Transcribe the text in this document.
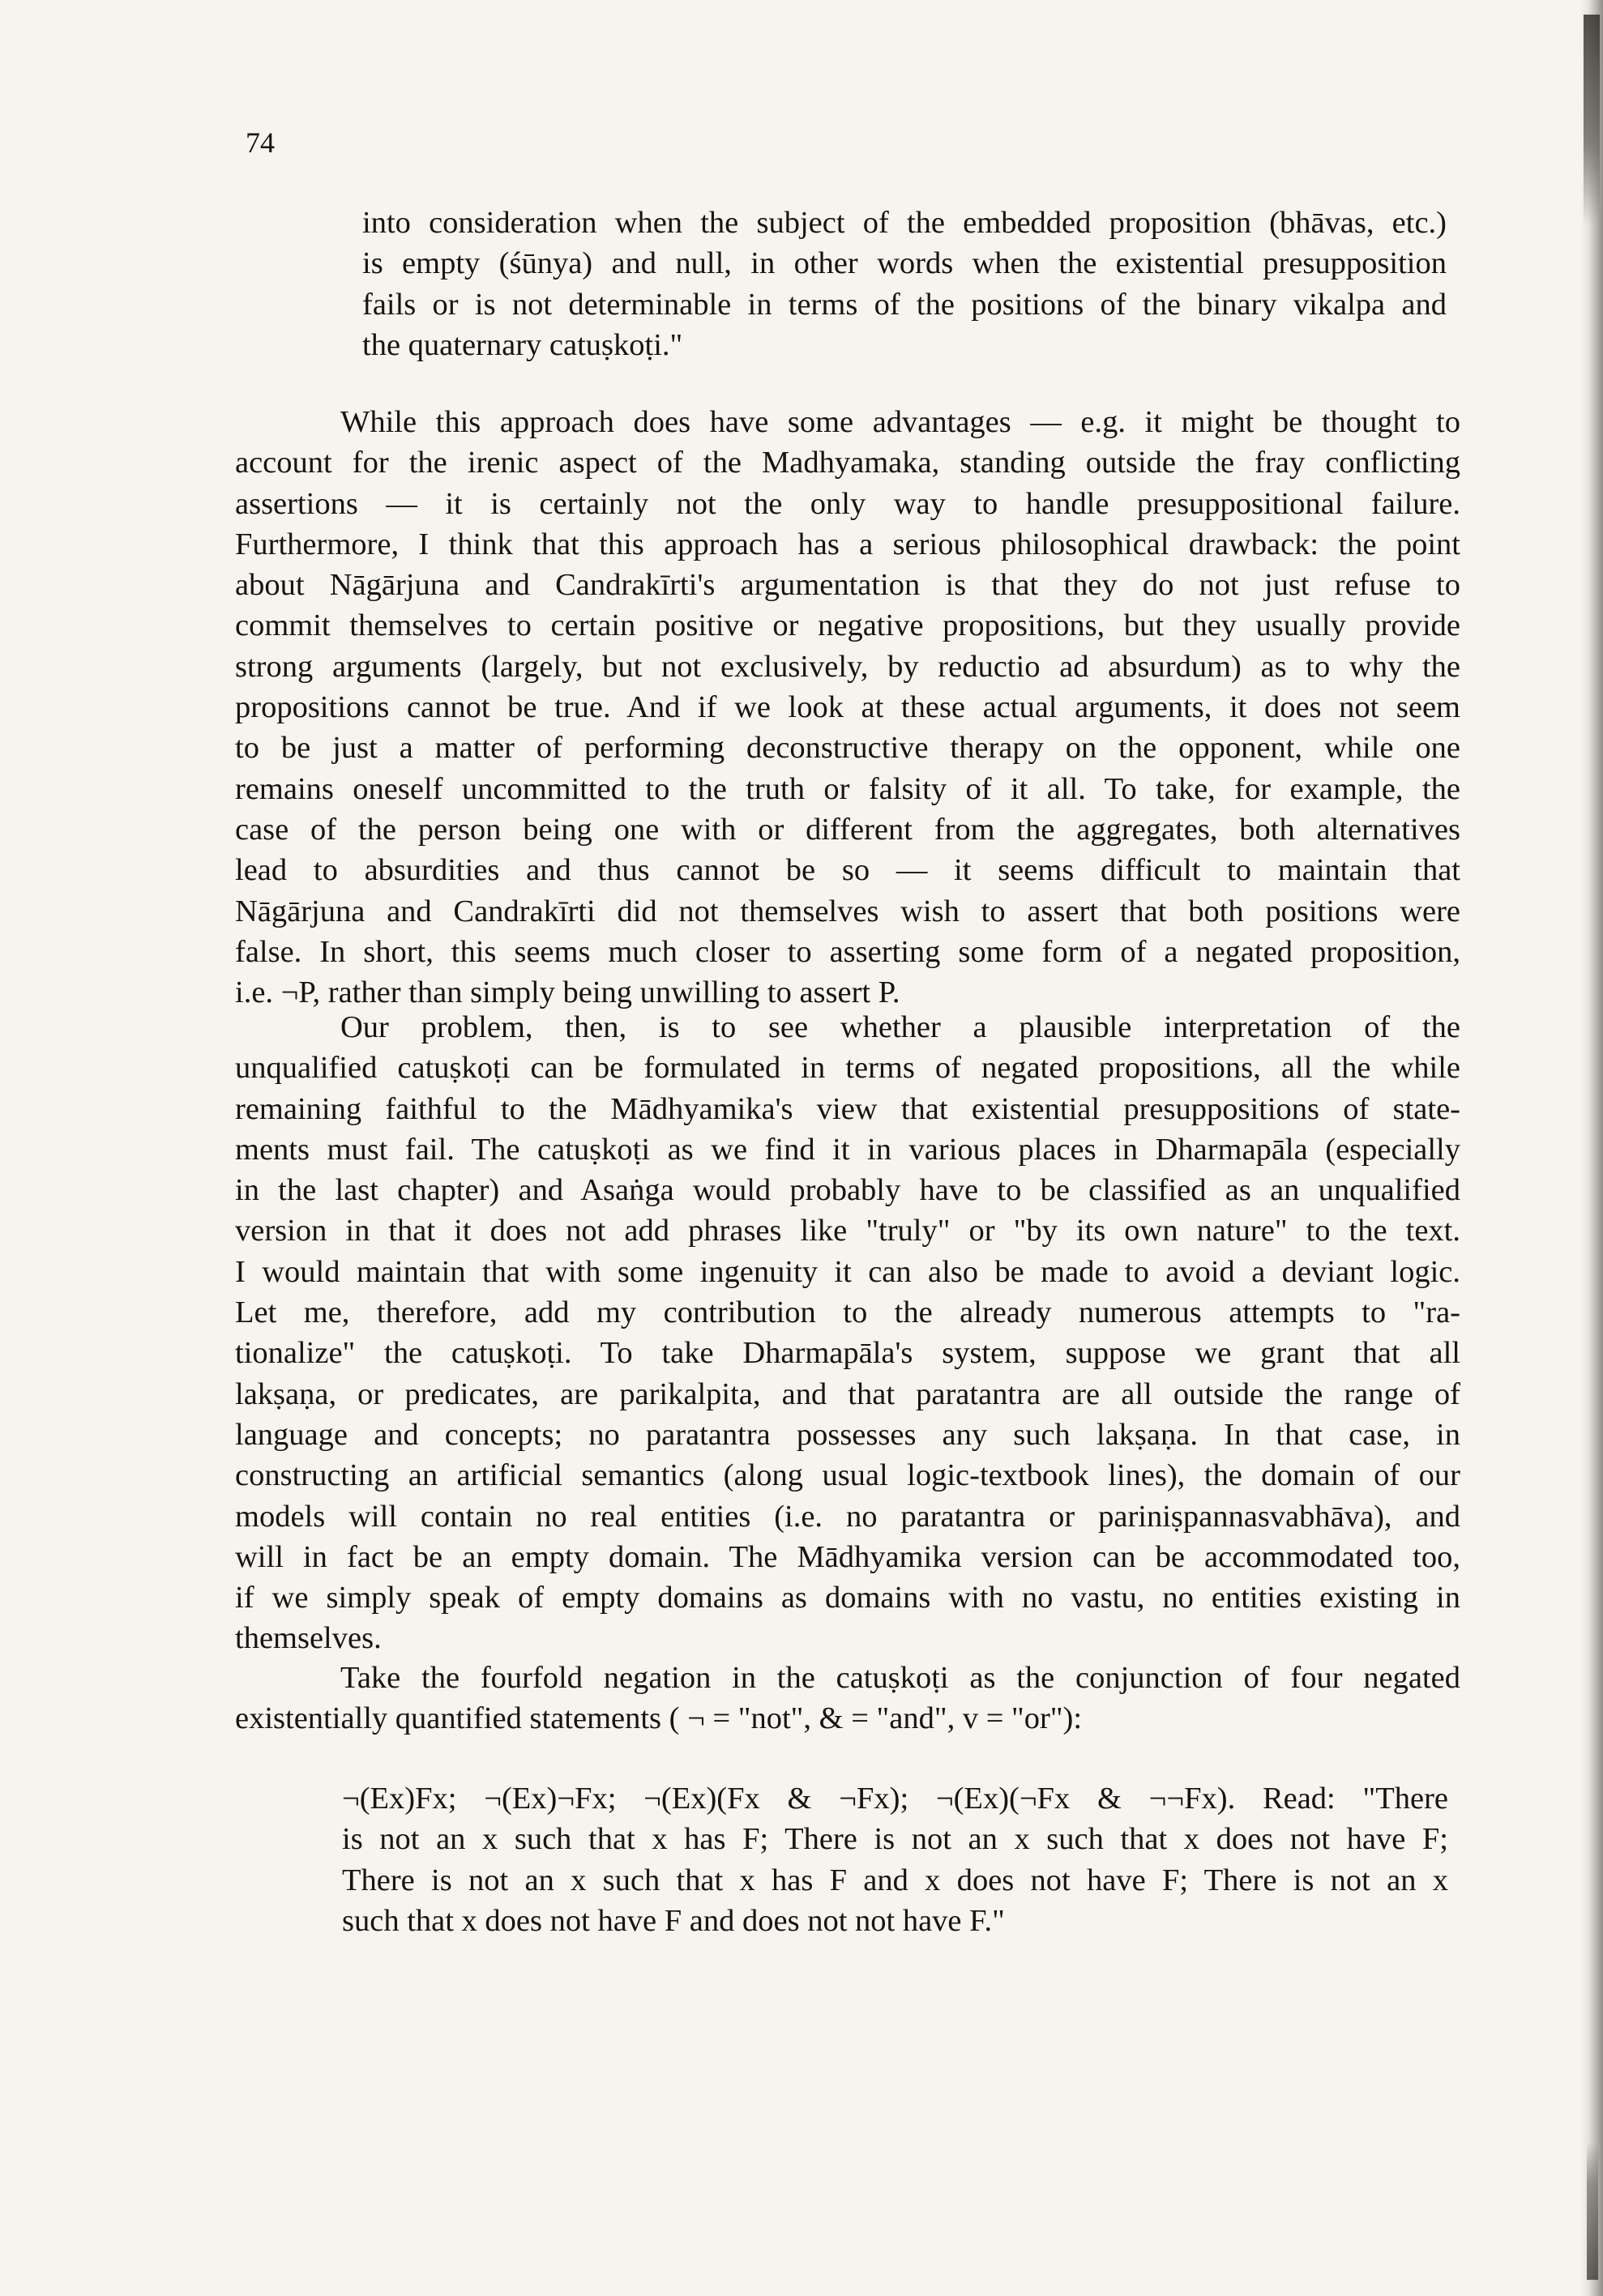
74
into consideration when the subject of the embedded proposition (bhāvas, etc.)
is empty (śūnya) and null, in other words when the existential presupposition
fails or is not determinable in terms of the positions of the binary vikalpa and
the quaternary catuṣkoṭi."
While this approach does have some advantages — e.g. it might be thought to
account for the irenic aspect of the Madhyamaka, standing outside the fray conflicting
assertions — it is certainly not the only way to handle presuppositional failure.
Furthermore, I think that this approach has a serious philosophical drawback: the point
about Nāgārjuna and Candrakīrti's argumentation is that they do not just refuse to
commit themselves to certain positive or negative propositions, but they usually provide
strong arguments (largely, but not exclusively, by reductio ad absurdum) as to why the
propositions cannot be true. And if we look at these actual arguments, it does not seem
to be just a matter of performing deconstructive therapy on the opponent, while one
remains oneself uncommitted to the truth or falsity of it all. To take, for example, the
case of the person being one with or different from the aggregates, both alternatives
lead to absurdities and thus cannot be so — it seems difficult to maintain that
Nāgārjuna and Candrakīrti did not themselves wish to assert that both positions were
false. In short, this seems much closer to asserting some form of a negated proposition,
i.e. ¬P, rather than simply being unwilling to assert P.
Our problem, then, is to see whether a plausible interpretation of the
unqualified catuṣkoṭi can be formulated in terms of negated propositions, all the while
remaining faithful to the Mādhyamika's view that existential presuppositions of state-
ments must fail. The catuṣkoṭi as we find it in various places in Dharmapāla (especially
in the last chapter) and Asaṅga would probably have to be classified as an unqualified
version in that it does not add phrases like "truly" or "by its own nature" to the text.
I would maintain that with some ingenuity it can also be made to avoid a deviant logic.
Let me, therefore, add my contribution to the already numerous attempts to "ra-
tionalize" the catuṣkoṭi. To take Dharmapāla's system, suppose we grant that all
lakṣaṇa, or predicates, are parikalpita, and that paratantra are all outside the range of
language and concepts; no paratantra possesses any such lakṣaṇa. In that case, in
constructing an artificial semantics (along usual logic-textbook lines), the domain of our
models will contain no real entities (i.e. no paratantra or pariniṣpannasvabhāva), and
will in fact be an empty domain. The Mādhyamika version can be accommodated too,
if we simply speak of empty domains as domains with no vastu, no entities existing in
themselves.
Take the fourfold negation in the catuṣkoṭi as the conjunction of four negated
existentially quantified statements ( ¬ = "not", & = "and", v = "or"):
¬(Ex)Fx; ¬(Ex)¬Fx; ¬(Ex)(Fx & ¬Fx); ¬(Ex)(¬Fx & ¬¬Fx). Read: "There
is not an x such that x has F; There is not an x such that x does not have F;
There is not an x such that x has F and x does not have F; There is not an x
such that x does not have F and does not not have F."
